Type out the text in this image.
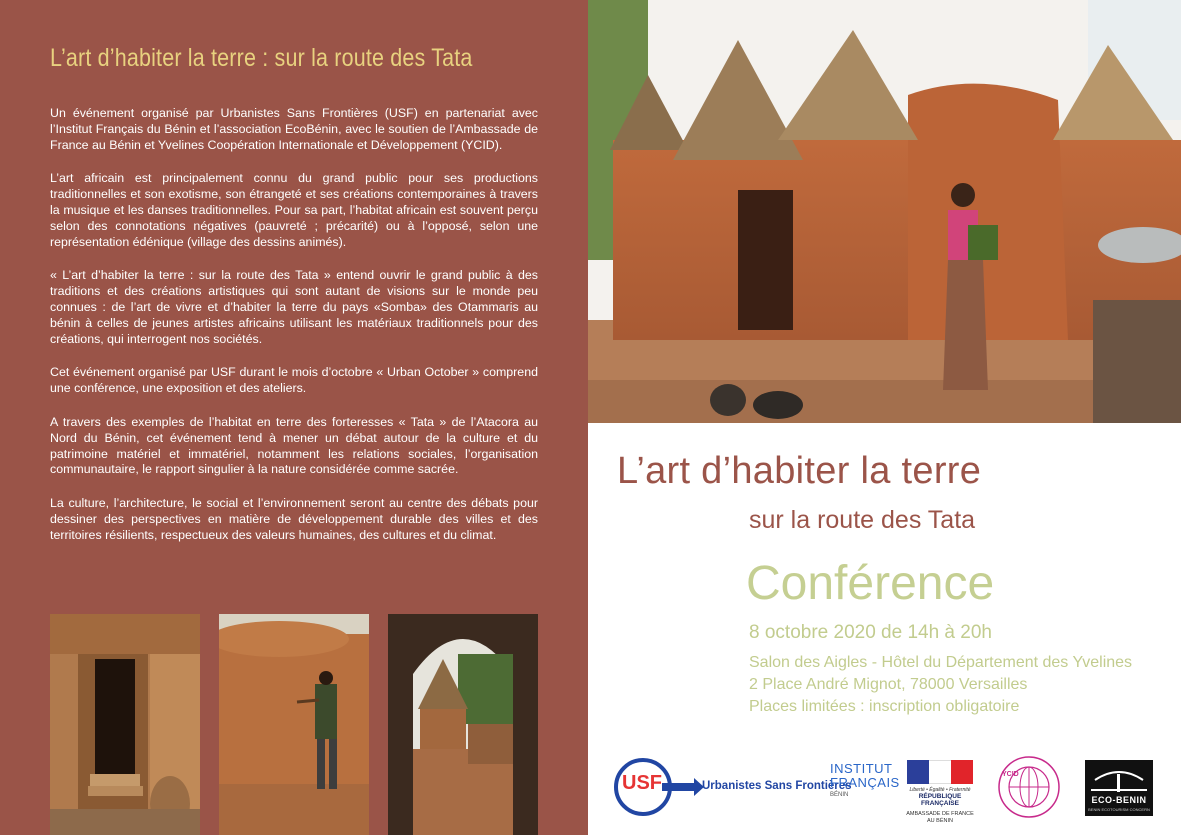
L’art d’habiter la terre : sur la route des Tata

Un événement organisé par Urbanistes Sans Frontières (USF) en partenariat avec l’Institut Français du Bénin et l’association EcoBénin, avec le soutien de l’Ambassade de France au Bénin et Yvelines Coopération Internationale et Développement (YCID).

L’art africain est principalement connu du grand public pour ses productions traditionnelles et son exotisme, son étrangeté et ses créations contemporaines à travers la musique et les danses traditionnelles. Pour sa part, l’habitat africain est souvent perçu selon des connotations négatives (pauvreté ; précarité) ou à l’opposé, selon une représentation édénique (village des dessins animés).

« L’art d’habiter la terre : sur la route des Tata » entend ouvrir le grand public à des traditions et des créations artistiques qui sont autant de visions sur le monde peu connues : de l’art de vivre et d’habiter la terre du pays «Somba» des Otammaris au bénin à celles de jeunes artistes africains utilisant les matériaux traditionnels pour des créations, qui interrogent nos sociétés.

Cet événement organisé par USF durant le mois d’octobre « Urban October » comprend une conférence, une exposition et des ateliers.

A travers des exemples de l’habitat en terre des forteresses « Tata » de l’Atacora au Nord du Bénin, cet événement tend à mener un débat autour de la culture et du patrimoine matériel et immatériel, notamment les relations sociales, l’organisation communautaire, le rapport singulier à la nature considérée comme sacrée.

La culture, l’architecture, le social et l’environnement seront au centre des débats pour dessiner des perspectives en matière de développement durable des villes et des territoires résilients, respectueux des valeurs humaines, des cultures et du climat.

L’art d’habiter la terre
sur la route des Tata
Conférence
8 octobre 2020 de 14h à 20h
Salon des Aigles - Hôtel du Département des Yvelines
2 Place André Mignot, 78000 Versailles
Places limitées : inscription obligatoire
USF	Urbanistes Sans Frontières
INSTITUT
FRANÇAIS
BÉNIN
Liberté • Égalité • Fraternité
RÉPUBLIQUE FRANÇAISE
AMBASSADE DE FRANCE
AU BÉNIN
YCID
ECO-BENIN
BENIN ECOTOURISM CONCERN
